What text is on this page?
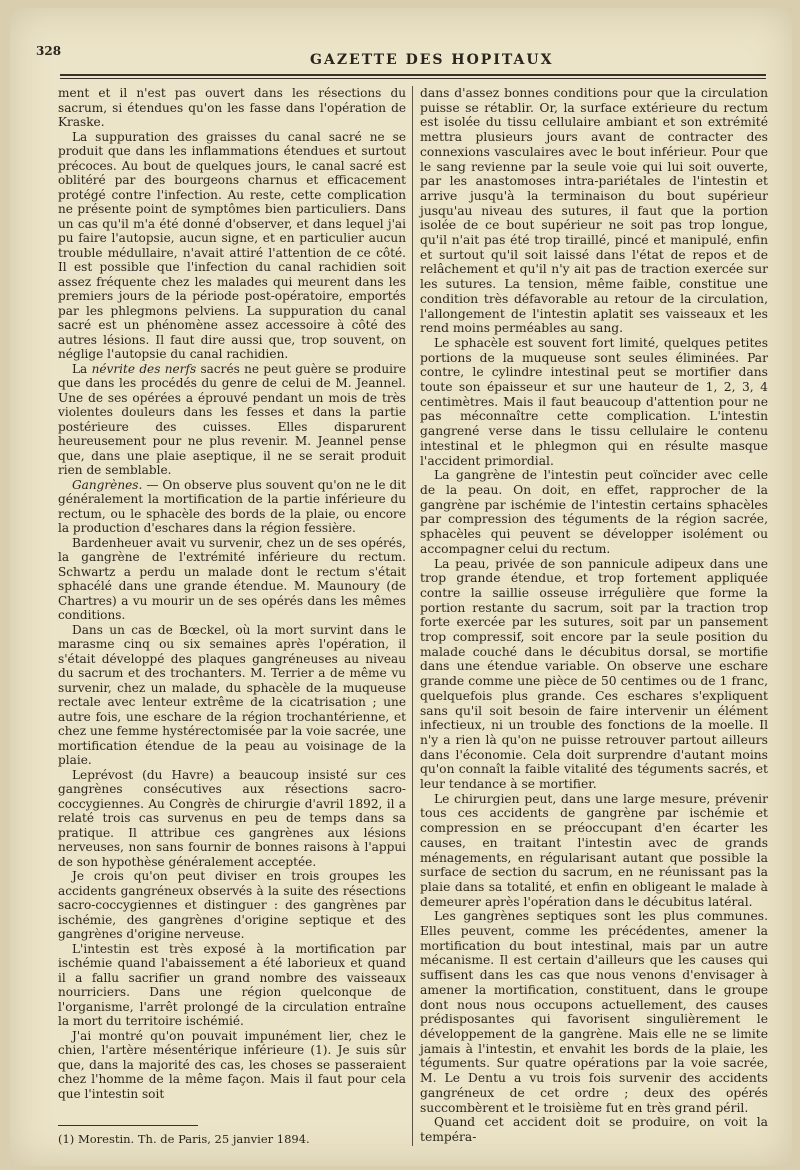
328
GAZETTE DES HOPITAUX

ment et il n'est pas ouvert dans les résections du sacrum, si étendues qu'on les fasse dans l'opération de Kraske.

La suppuration des graisses du canal sacré ne se produit que dans les inflammations étendues et surtout précoces. Au bout de quelques jours, le canal sacré est oblitéré par des bourgeons charnus et efficacement protégé contre l'infection. Au reste, cette complication ne présente point de symptômes bien particuliers. Dans un cas qu'il m'a été donné d'observer, et dans lequel j'ai pu faire l'autopsie, aucun signe, et en particulier aucun trouble médullaire, n'avait attiré l'attention de ce côté. Il est possible que l'infection du canal rachidien soit assez fréquente chez les malades qui meurent dans les premiers jours de la période post-opératoire, emportés par les phlegmons pelviens. La suppuration du canal sacré est un phénomène assez accessoire à côté des autres lésions. Il faut dire aussi que, trop souvent, on néglige l'autopsie du canal rachidien.

La névrite des nerfs sacrés ne peut guère se produire que dans les procédés du genre de celui de M. Jeannel. Une de ses opérées a éprouvé pendant un mois de très violentes douleurs dans les fesses et dans la partie postérieure des cuisses. Elles disparurent heureusement pour ne plus revenir. M. Jeannel pense que, dans une plaie aseptique, il ne se serait produit rien de semblable.

Gangrènes. — On observe plus souvent qu'on ne le dit généralement la mortification de la partie inférieure du rectum, ou le sphacèle des bords de la plaie, ou encore la production d'eschares dans la région fessière.

Bardenheuer avait vu survenir, chez un de ses opérés, la gangrène de l'extrémité inférieure du rectum. Schwartz a perdu un malade dont le rectum s'était sphacélé dans une grande étendue. M. Maunoury (de Chartres) a vu mourir un de ses opérés dans les mêmes conditions.

Dans un cas de Bœckel, où la mort survint dans le marasme cinq ou six semaines après l'opération, il s'était développé des plaques gangréneuses au niveau du sacrum et des trochanters. M. Terrier a de même vu survenir, chez un malade, du sphacèle de la muqueuse rectale avec lenteur extrême de la cicatrisation ; une autre fois, une eschare de la région trochantérienne, et chez une femme hystérectomisée par la voie sacrée, une mortification étendue de la peau au voisinage de la plaie.

Leprévost (du Havre) a beaucoup insisté sur ces gangrènes consécutives aux résections sacro-coccygiennes. Au Congrès de chirurgie d'avril 1892, il a relaté trois cas survenus en peu de temps dans sa pratique. Il attribue ces gangrènes aux lésions nerveuses, non sans fournir de bonnes raisons à l'appui de son hypothèse généralement acceptée.

Je crois qu'on peut diviser en trois groupes les accidents gangréneux observés à la suite des résections sacro-coccygiennes et distinguer : des gangrènes par ischémie, des gangrènes d'origine septique et des gangrènes d'origine nerveuse.

L'intestin est très exposé à la mortification par ischémie quand l'abaissement a été laborieux et quand il a fallu sacrifier un grand nombre des vaisseaux nourriciers. Dans une région quelconque de l'organisme, l'arrêt prolongé de la circulation entraîne la mort du territoire ischémié.

J'ai montré qu'on pouvait impunément lier, chez le chien, l'artère mésentérique inférieure (1). Je suis sûr que, dans la majorité des cas, les choses se passeraient chez l'homme de la même façon. Mais il faut pour cela que l'intestin soit

dans d'assez bonnes conditions pour que la circulation puisse se rétablir. Or, la surface extérieure du rectum est isolée du tissu cellulaire ambiant et son extrémité mettra plusieurs jours avant de contracter des connexions vasculaires avec le bout inférieur. Pour que le sang revienne par la seule voie qui lui soit ouverte, par les anastomoses intra-pariétales de l'intestin et arrive jusqu'à la terminaison du bout supérieur jusqu'au niveau des sutures, il faut que la portion isolée de ce bout supérieur ne soit pas trop longue, qu'il n'ait pas été trop tiraillé, pincé et manipulé, enfin et surtout qu'il soit laissé dans l'état de repos et de relâchement et qu'il n'y ait pas de traction exercée sur les sutures. La tension, même faible, constitue une condition très défavorable au retour de la circulation, l'allongement de l'intestin aplatit ses vaisseaux et les rend moins perméables au sang.

Le sphacèle est souvent fort limité, quelques petites portions de la muqueuse sont seules éliminées. Par contre, le cylindre intestinal peut se mortifier dans toute son épaisseur et sur une hauteur de 1, 2, 3, 4 centimètres. Mais il faut beaucoup d'attention pour ne pas méconnaître cette complication. L'intestin gangrené verse dans le tissu cellulaire le contenu intestinal et le phlegmon qui en résulte masque l'accident primordial.

La gangrène de l'intestin peut coïncider avec celle de la peau. On doit, en effet, rapprocher de la gangrène par ischémie de l'intestin certains sphacèles par compression des téguments de la région sacrée, sphacèles qui peuvent se développer isolément ou accompagner celui du rectum.

La peau, privée de son pannicule adipeux dans une trop grande étendue, et trop fortement appliquée contre la saillie osseuse irrégulière que forme la portion restante du sacrum, soit par la traction trop forte exercée par les sutures, soit par un pansement trop compressif, soit encore par la seule position du malade couché dans le décubitus dorsal, se mortifie dans une étendue variable. On observe une eschare grande comme une pièce de 50 centimes ou de 1 franc, quelquefois plus grande. Ces eschares s'expliquent sans qu'il soit besoin de faire intervenir un élément infectieux, ni un trouble des fonctions de la moelle. Il n'y a rien là qu'on ne puisse retrouver partout ailleurs dans l'économie. Cela doit surprendre d'autant moins qu'on connaît la faible vitalité des téguments sacrés, et leur tendance à se mortifier.

Le chirurgien peut, dans une large mesure, prévenir tous ces accidents de gangrène par ischémie et compression en se préoccupant d'en écarter les causes, en traitant l'intestin avec de grands ménagements, en régularisant autant que possible la surface de section du sacrum, en ne réunissant pas la plaie dans sa totalité, et enfin en obligeant le malade à demeurer après l'opération dans le décubitus latéral.

Les gangrènes septiques sont les plus communes. Elles peuvent, comme les précédentes, amener la mortification du bout intestinal, mais par un autre mécanisme. Il est certain d'ailleurs que les causes qui suffisent dans les cas que nous venons d'envisager à amener la mortification, constituent, dans le groupe dont nous nous occupons actuellement, des causes prédisposantes qui favorisent singulièrement le développement de la gangrène. Mais elle ne se limite jamais à l'intestin, et envahit les bords de la plaie, les téguments. Sur quatre opérations par la voie sacrée, M. Le Dentu a vu trois fois survenir des accidents gangréneux de cet ordre ; deux des opérés succombèrent et le troisième fut en très grand péril.

Quand cet accident doit se produire, on voit la tempéra-

(1) Morestin. Th. de Paris, 25 janvier 1894.
